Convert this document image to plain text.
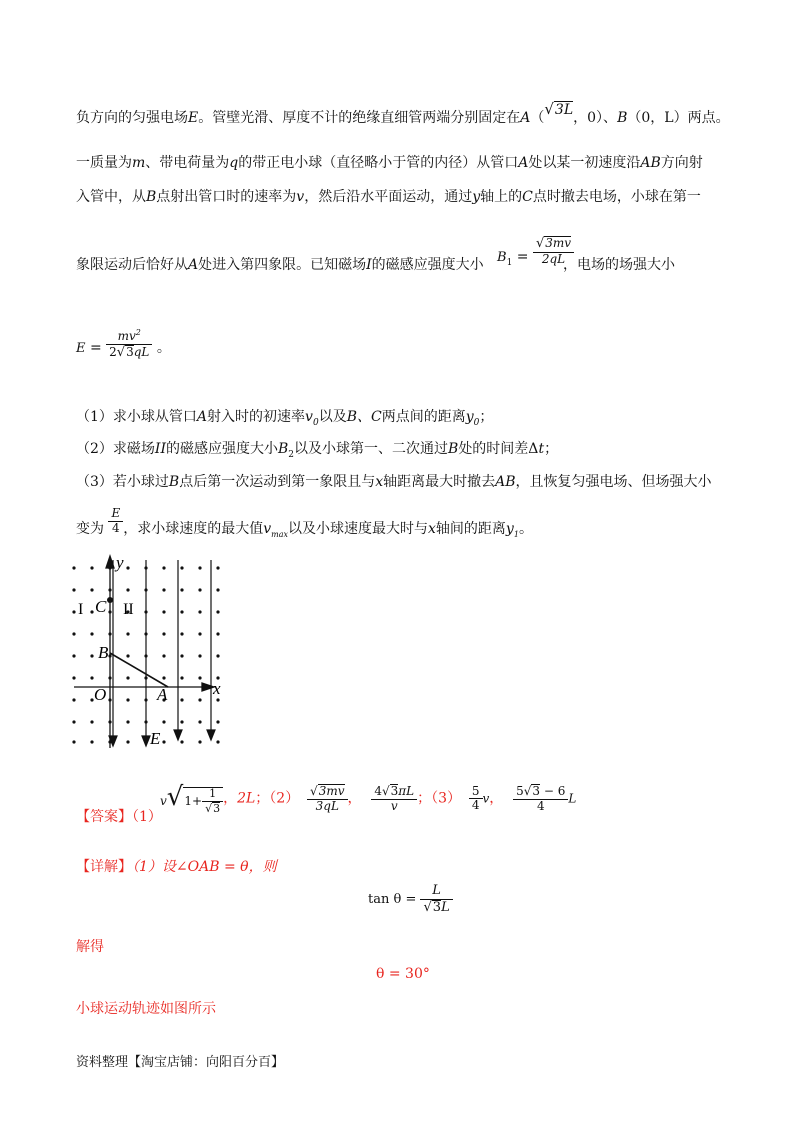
负方向的匀强电场E。管壁光滑、厚度不计的绝缘直细管两端分别固定在A（√3L，0）、B（0，L）两点。
一质量为m、带电荷量为q的带正电小球（直径略小于管的内径）从管口A处以某一初速度沿AB方向射
入管中，从B点射出管口时的速率为v，然后沿水平面运动，通过y轴上的C点时撤去电场，小球在第一
象限运动后恰好从A处进入第四象限。已知磁场I的磁感应强度大小 $B_1 = \frac{√3mv}{2qL}$
，电场的场强大小
$E = \frac{mv^2}{2√3qL}$ 。
（1）求小球从管口A射入时的初速率$v_0$以及B、C两点间的距离$y_0$；
（2）求磁场II的磁感应强度大小$B_2$以及小球第一、二次通过B处的时间差Δt；
（3）若小球过B点后第一次运动到第一象限且与x轴距离最大时撤去AB，且恢复匀强电场、但场强大小
变为 $\frac{E}{4}$ ，求小球速度的最大值$v_{max}$以及小球速度最大时与x轴间的距离$y_1$。
y
x
O	A
B
C
E
I II
【答案】（1）
$v√1+ \frac{1}{√3}$ ，2L；$(2) \frac{√3mv}{3qL}$ ， $\frac{4√3\pi L}{v}$ ；$(3) \frac{5}{4}$ v， $\frac{5√3 - 6}{4}$ L
【详解】（1）设∠OAB = θ，则
$\tan \theta = \frac{L}{√3L}$
解得
θ = 30°
小球运动轨迹如图所示
资料整理【淘宝店铺：向阳百分百】
